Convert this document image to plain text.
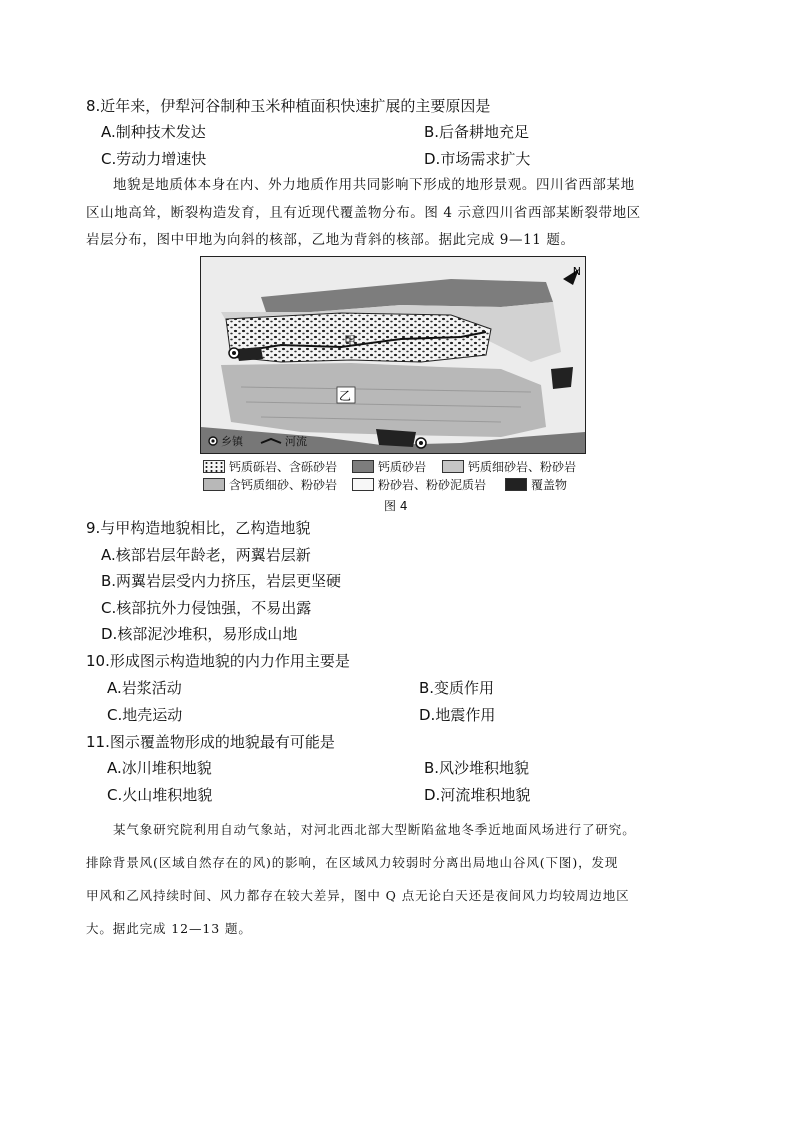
8.近年来，伊犁河谷制种玉米种植面积快速扩展的主要原因是
A.制种技术发达	B.后备耕地充足
C.劳动力增速快	D.市场需求扩大
地貌是地质体本身在内、外力地质作用共同影响下形成的地形景观。四川省西部某地
区山地高耸，断裂构造发育，且有近现代覆盖物分布。图 4 示意四川省西部某断裂带地区
岩层分布，图中甲地为向斜的核部，乙地为背斜的核部。据此完成 9—11 题。
甲
乙
N
乡镇	河流
钙质砾岩、含砾砂岩	钙质砂岩	钙质细砂岩、粉砂岩
含钙质细砂、粉砂岩	粉砂岩、粉砂泥质岩	覆盖物
图 4
9.与甲构造地貌相比，乙构造地貌
A.核部岩层年龄老，两翼岩层新
B.两翼岩层受内力挤压，岩层更坚硬
C.核部抗外力侵蚀强，不易出露
D.核部泥沙堆积，易形成山地
10.形成图示构造地貌的内力作用主要是
A.岩浆活动	B.变质作用
C.地壳运动	D.地震作用
11.图示覆盖物形成的地貌最有可能是
A.冰川堆积地貌	B.风沙堆积地貌
C.火山堆积地貌	D.河流堆积地貌
某气象研究院利用自动气象站，对河北西北部大型断陷盆地冬季近地面风场进行了研究。
排除背景风(区域自然存在的风)的影响，在区域风力较弱时分离出局地山谷风(下图)，发现
甲风和乙风持续时间、风力都存在较大差异，图中 Q 点无论白天还是夜间风力均较周边地区
大。据此完成 12—13 题。
